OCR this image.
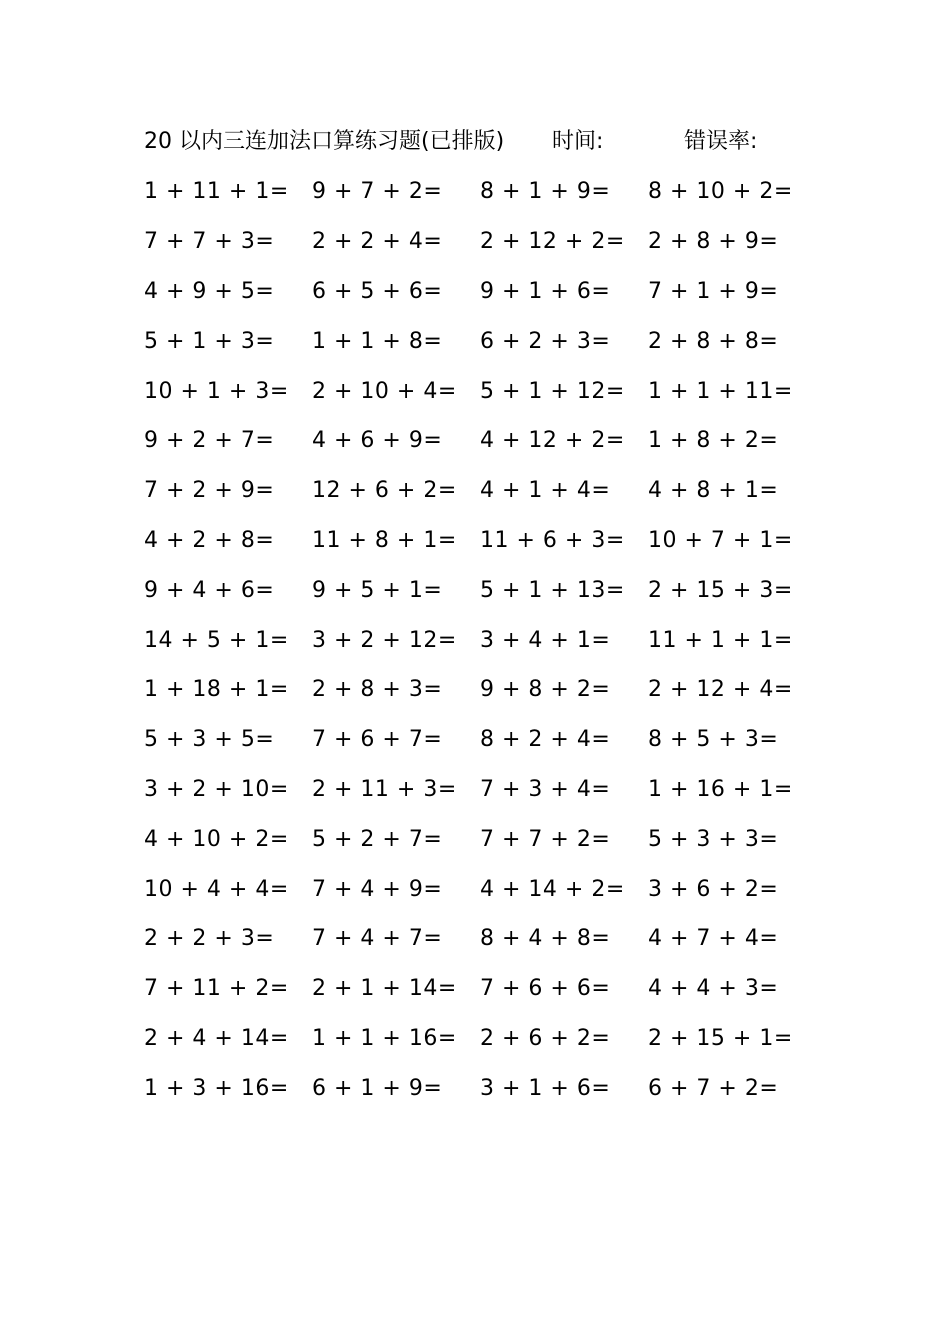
20 以内三连加法口算练习题(已排版) 时间:	错误率:
1 + 11 + 1= 9 + 7 + 2= 8 + 1 + 9= 8 + 10 + 2=
7 + 7 + 3= 2 + 2 + 4= 2 + 12 + 2= 2 + 8 + 9=
4 + 9 + 5= 6 + 5 + 6= 9 + 1 + 6= 7 + 1 + 9=
5 + 1 + 3= 1 + 1 + 8= 6 + 2 + 3= 2 + 8 + 8=
10 + 1 + 3= 2 + 10 + 4= 5 + 1 + 12= 1 + 1 + 11=
9 + 2 + 7= 4 + 6 + 9= 4 + 12 + 2= 1 + 8 + 2=
7 + 2 + 9= 12 + 6 + 2= 4 + 1 + 4= 4 + 8 + 1=
4 + 2 + 8= 11 + 8 + 1= 11 + 6 + 3= 10 + 7 + 1=
9 + 4 + 6= 9 + 5 + 1= 5 + 1 + 13= 2 + 15 + 3=
14 + 5 + 1= 3 + 2 + 12= 3 + 4 + 1= 11 + 1 + 1=
1 + 18 + 1= 2 + 8 + 3= 9 + 8 + 2= 2 + 12 + 4=
5 + 3 + 5= 7 + 6 + 7= 8 + 2 + 4= 8 + 5 + 3=
3 + 2 + 10= 2 + 11 + 3= 7 + 3 + 4= 1 + 16 + 1=
4 + 10 + 2= 5 + 2 + 7= 7 + 7 + 2= 5 + 3 + 3=
10 + 4 + 4= 7 + 4 + 9= 4 + 14 + 2= 3 + 6 + 2=
2 + 2 + 3= 7 + 4 + 7= 8 + 4 + 8= 4 + 7 + 4=
7 + 11 + 2= 2 + 1 + 14= 7 + 6 + 6= 4 + 4 + 3=
2 + 4 + 14= 1 + 1 + 16= 2 + 6 + 2= 2 + 15 + 1=
1 + 3 + 16= 6 + 1 + 9= 3 + 1 + 6= 6 + 7 + 2=
